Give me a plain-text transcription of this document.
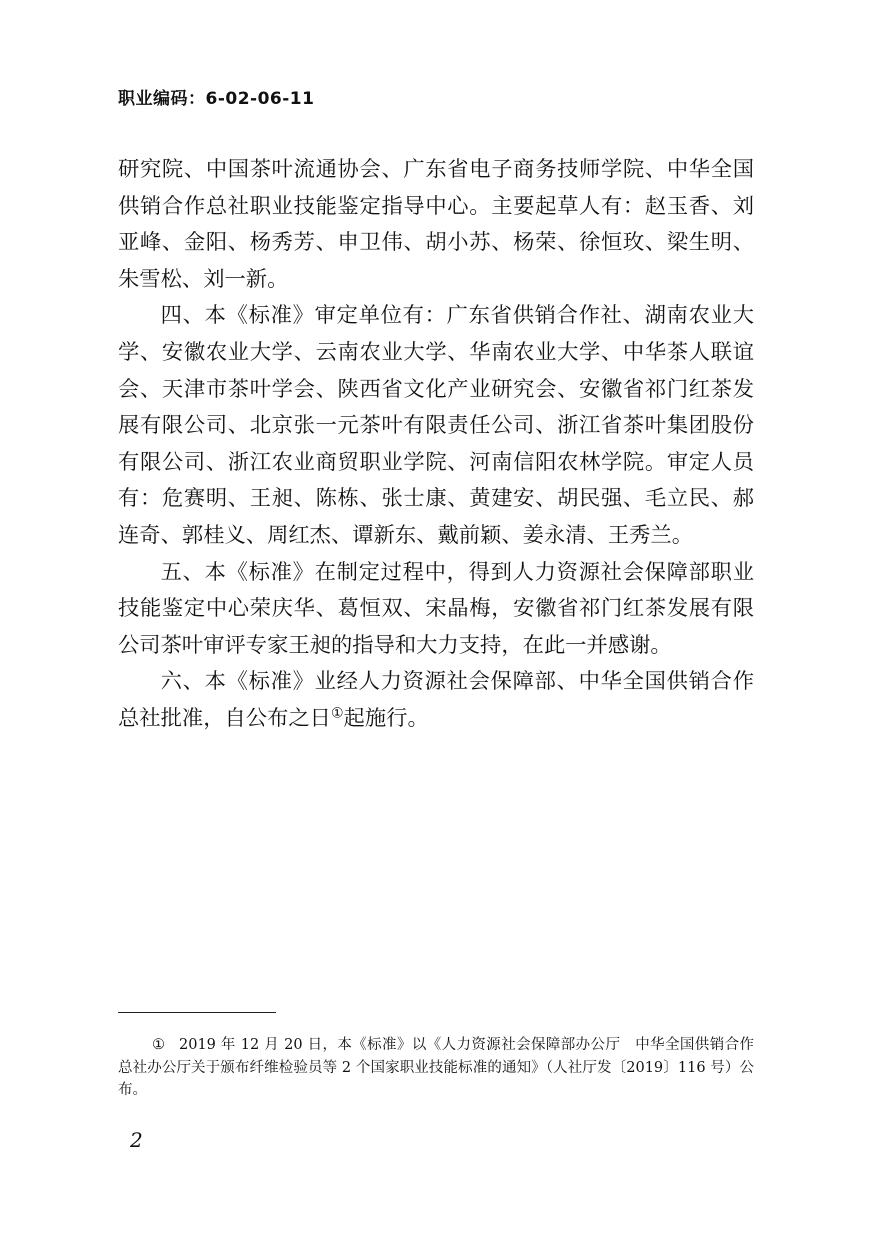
职业编码：6-02-06-11

研究院、中国茶叶流通协会、广东省电子商务技师学院、中华全国供销合作总社职业技能鉴定指导中心。主要起草人有：赵玉香、刘亚峰、金阳、杨秀芳、申卫伟、胡小苏、杨荣、徐恒玫、梁生明、朱雪松、刘一新。

四、本《标准》审定单位有：广东省供销合作社、湖南农业大学、安徽农业大学、云南农业大学、华南农业大学、中华茶人联谊会、天津市茶叶学会、陕西省文化产业研究会、安徽省祁门红茶发展有限公司、北京张一元茶叶有限责任公司、浙江省茶叶集团股份有限公司、浙江农业商贸职业学院、河南信阳农林学院。审定人员有：危赛明、王昶、陈栋、张士康、黄建安、胡民强、毛立民、郝连奇、郭桂义、周红杰、谭新东、戴前颖、姜永清、王秀兰。

五、本《标准》在制定过程中，得到人力资源社会保障部职业技能鉴定中心荣庆华、葛恒双、宋晶梅，安徽省祁门红茶发展有限公司茶叶审评专家王昶的指导和大力支持，在此一并感谢。

六、本《标准》业经人力资源社会保障部、中华全国供销合作总社批准，自公布之日①起施行。

① 2019 年 12 月 20 日，本《标准》以《人力资源社会保障部办公厅　中华全国供销合作总社办公厅关于颁布纤维检验员等 2 个国家职业技能标准的通知》（人社厅发〔2019〕116 号）公布。
2
